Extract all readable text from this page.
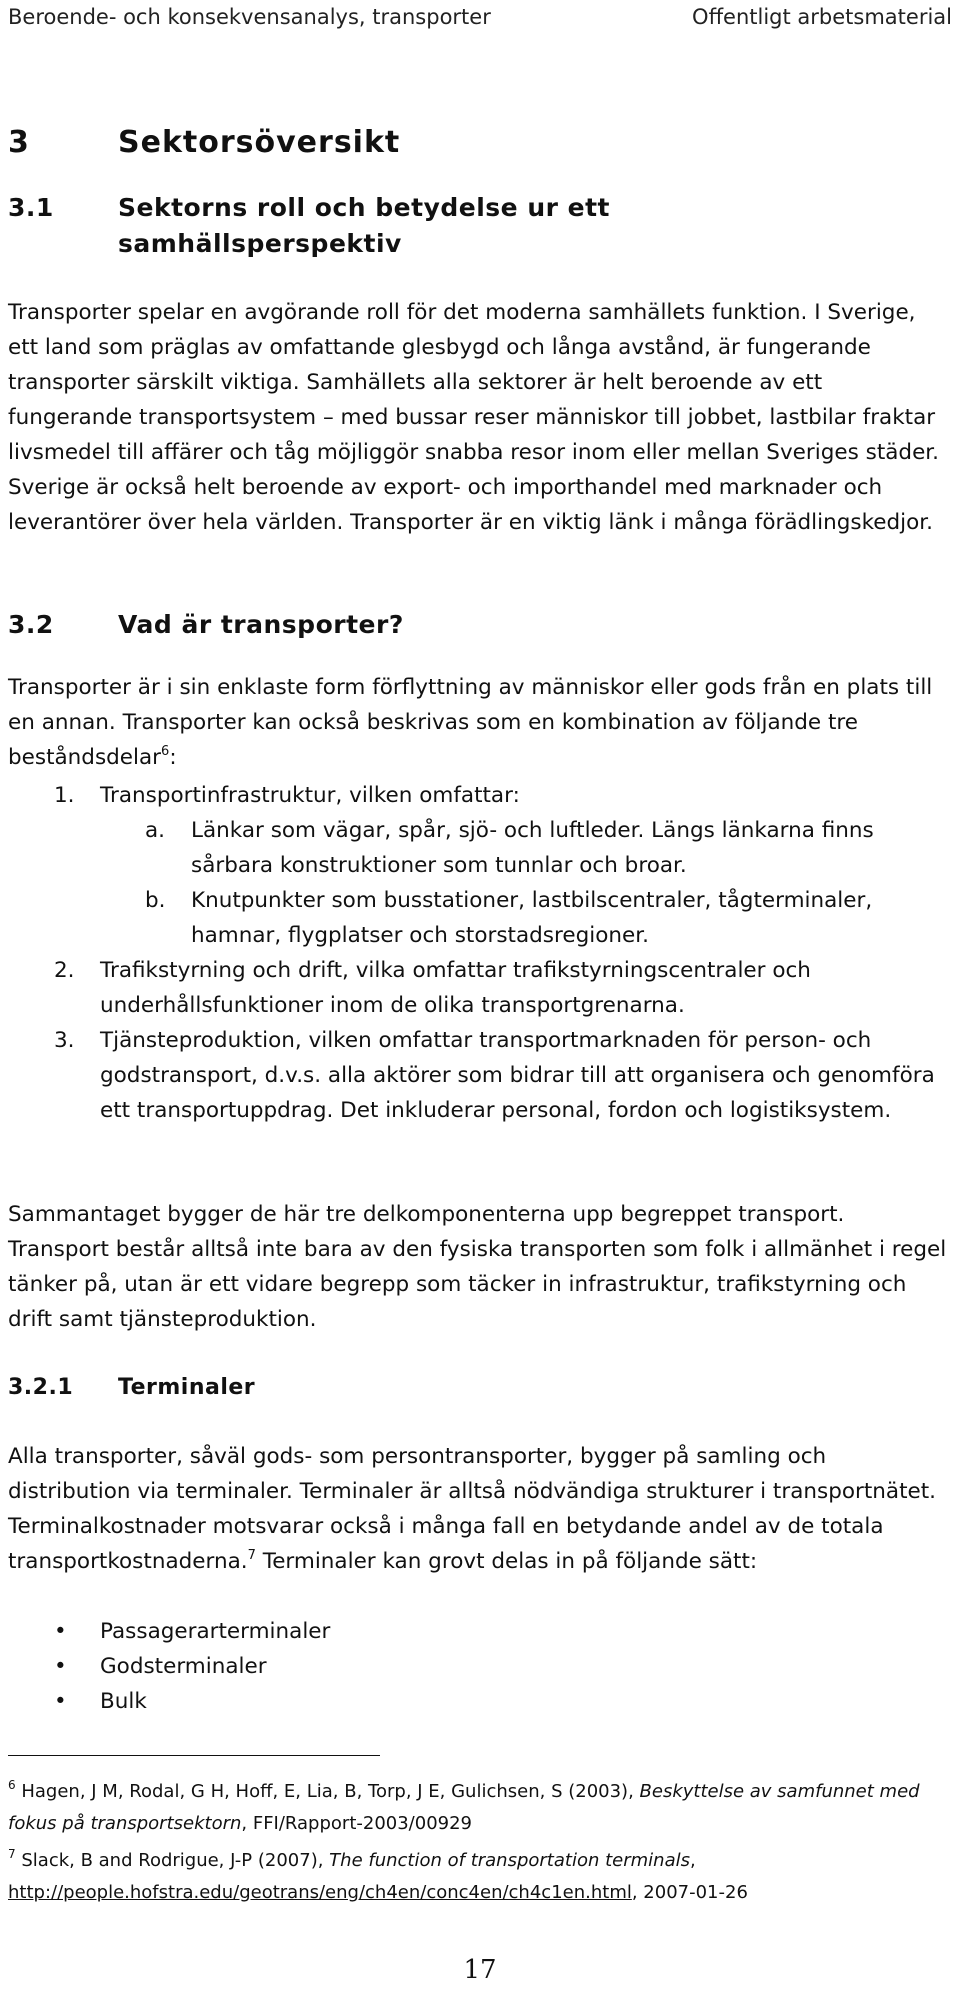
Beroende- och konsekvensanalys, transporter	Offentligt arbetsmaterial
3	Sektorsöversikt
3.1	Sektorns roll och betydelse ur ett samhällsperspektiv

Transporter spelar en avgörande roll för det moderna samhällets funktion. I Sverige, ett land som präglas av omfattande glesbygd och långa avstånd, är fungerande transporter särskilt viktiga. Samhällets alla sektorer är helt beroende av ett fungerande transportsystem – med bussar reser människor till jobbet, lastbilar fraktar livsmedel till affärer och tåg möjliggör snabba resor inom eller mellan Sveriges städer. Sverige är också helt beroende av export- och importhandel med marknader och leverantörer över hela världen. Transporter är en viktig länk i många förädlingskedjor.

3.2	Vad är transporter?

Transporter är i sin enklaste form förflyttning av människor eller gods från en plats till en annan. Transporter kan också beskrivas som en kombination av följande tre beståndsdelar$^6$:

1. Transportinfrastruktur, vilken omfattar:
a. Länkar som vägar, spår, sjö- och luftleder. Längs länkarna finns sårbara konstruktioner som tunnlar och broar.
b. Knutpunkter som busstationer, lastbilscentraler, tågterminaler, hamnar, flygplatser och storstadsregioner.
2. Trafikstyrning och drift, vilka omfattar trafikstyrningscentraler och underhållsfunktioner inom de olika transportgrenarna.
3. Tjänsteproduktion, vilken omfattar transportmarknaden för person- och godstransport, d.v.s. alla aktörer som bidrar till att organisera och genomföra ett transportuppdrag. Det inkluderar personal, fordon och logistiksystem.

Sammantaget bygger de här tre delkomponenterna upp begreppet transport. Transport består alltså inte bara av den fysiska transporten som folk i allmänhet i regel tänker på, utan är ett vidare begrepp som täcker in infrastruktur, trafikstyrning och drift samt tjänsteproduktion.

3.2.1 Terminaler

Alla transporter, såväl gods- som persontransporter, bygger på samling och distribution via terminaler. Terminaler är alltså nödvändiga strukturer i transportnätet. Terminalkostnader motsvarar också i många fall en betydande andel av de totala transportkostnaderna.$^7$ Terminaler kan grovt delas in på följande sätt:

• Passagerarterminaler
• Godsterminaler
• Bulk

$^6$ Hagen, J M, Rodal, G H, Hoff, E, Lia, B, Torp, J E, Gulichsen, S (2003), Beskyttelse av samfunnet med fokus på transportsektorn, FFI/Rapport-2003/00929

$^7$ Slack, B and Rodrigue, J-P (2007), The function of transportation terminals,
http://people.hofstra.edu/geotrans/eng/ch4en/conc4en/ch4c1en.html, 2007-01-26

17
